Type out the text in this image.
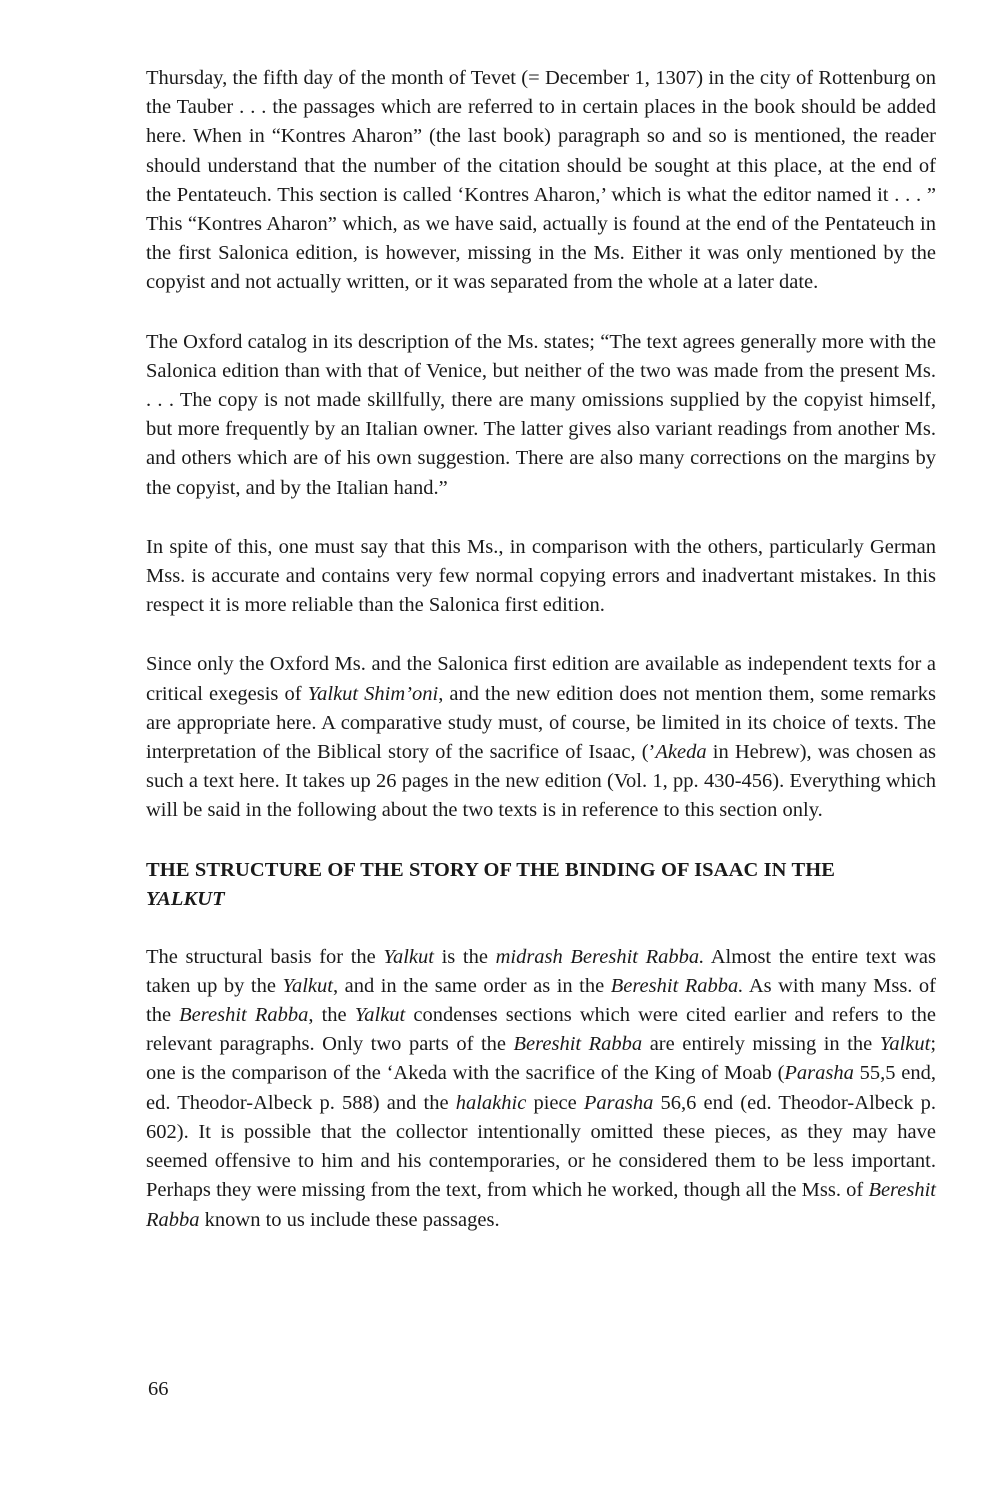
Thursday, the fifth day of the month of Tevet (= December 1, 1307) in the city of Rottenburg on the Tauber . . . the passages which are referred to in certain places in the book should be added here. When in “Kontres Aharon” (the last book) paragraph so and so is mentioned, the reader should understand that the number of the citation should be sought at this place, at the end of the Pentateuch. This section is called ‘Kontres Aharon,’ which is what the editor named it . . . ” This “Kontres Aharon” which, as we have said, actually is found at the end of the Pentateuch in the first Salonica edition, is however, missing in the Ms. Either it was only mentioned by the copyist and not actually written, or it was separated from the whole at a later date.

The Oxford catalog in its description of the Ms. states; “The text agrees generally more with the Salonica edition than with that of Venice, but neither of the two was made from the present Ms. . . . The copy is not made skillfully, there are many omissions supplied by the copyist himself, but more frequently by an Italian owner. The latter gives also variant readings from another Ms. and others which are of his own suggestion. There are also many corrections on the margins by the copyist, and by the Italian hand.”

In spite of this, one must say that this Ms., in comparison with the others, particularly German Mss. is accurate and contains very few normal copying errors and inadvertant mistakes. In this respect it is more reliable than the Salonica first edition.

Since only the Oxford Ms. and the Salonica first edition are available as independent texts for a critical exegesis of Yalkut Shim’oni, and the new edition does not mention them, some remarks are appropriate here. A comparative study must, of course, be limited in its choice of texts. The interpretation of the Biblical story of the sacrifice of Isaac, (’Akeda in Hebrew), was chosen as such a text here. It takes up 26 pages in the new edition (Vol. 1, pp. 430-456). Everything which will be said in the following about the two texts is in reference to this section only.

THE STRUCTURE OF THE STORY OF THE BINDING OF ISAAC IN THE
YALKUT

The structural basis for the Yalkut is the midrash Bereshit Rabba. Almost the entire text was taken up by the Yalkut, and in the same order as in the Bereshit Rabba. As with many Mss. of the Bereshit Rabba, the Yalkut condenses sections which were cited earlier and refers to the relevant paragraphs. Only two parts of the Bereshit Rabba are entirely missing in the Yalkut; one is the comparison of the ‘Akeda with the sacrifice of the King of Moab (Parasha 55,5 end, ed. Theodor-Albeck p. 588) and the halakhic piece Parasha 56,6 end (ed. Theodor-Albeck p. 602). It is possible that the collector intentionally omitted these pieces, as they may have seemed offensive to him and his contemporaries, or he considered them to be less important. Perhaps they were missing from the text, from which he worked, though all the Mss. of Bereshit Rabba known to us include these passages.

66
